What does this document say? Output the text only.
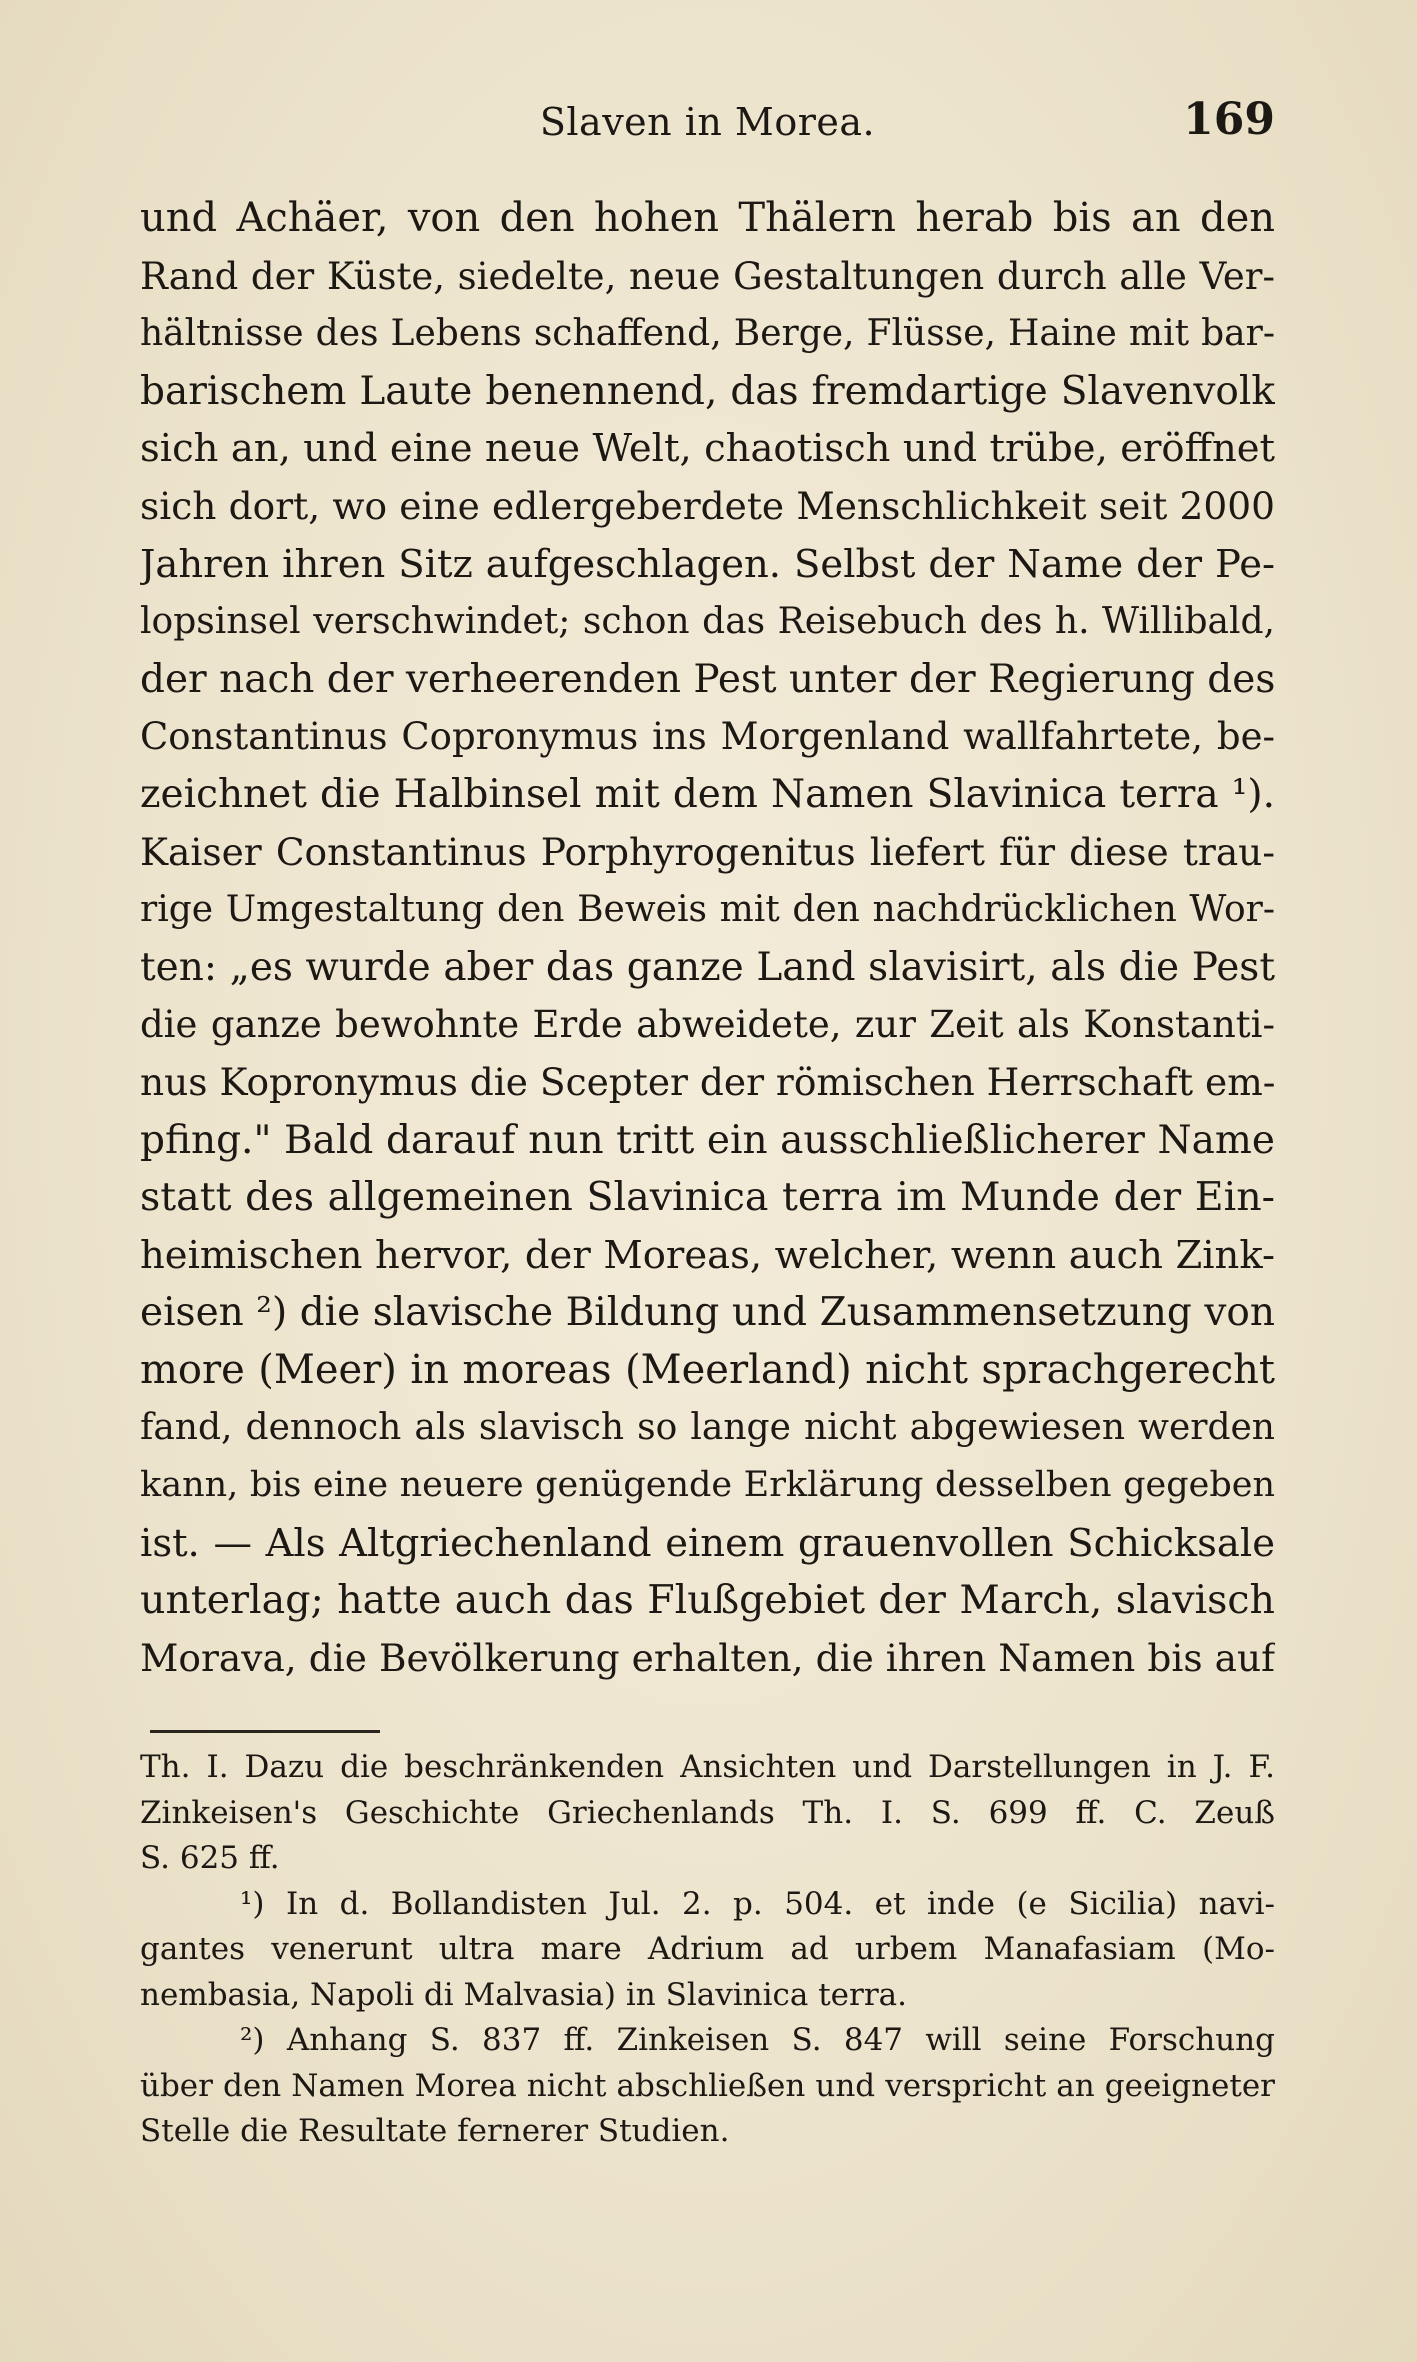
Slaven in Morea.	169
und Achäer, von den hohen Thälern herab bis an den
Rand der Küste, siedelte, neue Gestaltungen durch alle Ver-
hältnisse des Lebens schaffend, Berge, Flüsse, Haine mit bar-
barischem Laute benennend, das fremdartige Slavenvolk
sich an, und eine neue Welt, chaotisch und trübe, eröffnet
sich dort, wo eine edlergeberdete Menschlichkeit seit 2000
Jahren ihren Sitz aufgeschlagen. Selbst der Name der Pe-
lopsinsel verschwindet; schon das Reisebuch des h. Willibald,
der nach der verheerenden Pest unter der Regierung des
Constantinus Copronymus ins Morgenland wallfahrtete, be-
zeichnet die Halbinsel mit dem Namen Slavinica terra ¹).
Kaiser Constantinus Porphyrogenitus liefert für diese trau-
rige Umgestaltung den Beweis mit den nachdrücklichen Wor-
ten: „es wurde aber das ganze Land slavisirt, als die Pest
die ganze bewohnte Erde abweidete, zur Zeit als Konstanti-
nus Kopronymus die Scepter der römischen Herrschaft em-
pfing." Bald darauf nun tritt ein ausschließlicherer Name
statt des allgemeinen Slavinica terra im Munde der Ein-
heimischen hervor, der Moreas, welcher, wenn auch Zink-
eisen ²) die slavische Bildung und Zusammensetzung von
more (Meer) in moreas (Meerland) nicht sprachgerecht
fand, dennoch als slavisch so lange nicht abgewiesen werden
kann, bis eine neuere genügende Erklärung desselben gegeben
ist. — Als Altgriechenland einem grauenvollen Schicksale
unterlag; hatte auch das Flußgebiet der March, slavisch
Morava, die Bevölkerung erhalten, die ihren Namen bis auf
Th. I. Dazu die beschränkenden Ansichten und Darstellungen in J. F.
Zinkeisen's Geschichte Griechenlands Th. I. S. 699 ff. C. Zeuß
S. 625 ff.
¹) In d. Bollandisten Jul. 2. p. 504. et inde (e Sicilia) navi-
gantes venerunt ultra mare Adrium ad urbem Manafasiam (Mo-
nembasia, Napoli di Malvasia) in Slavinica terra.
²) Anhang S. 837 ff. Zinkeisen S. 847 will seine Forschung
über den Namen Morea nicht abschließen und verspricht an geeigneter
Stelle die Resultate fernerer Studien.
